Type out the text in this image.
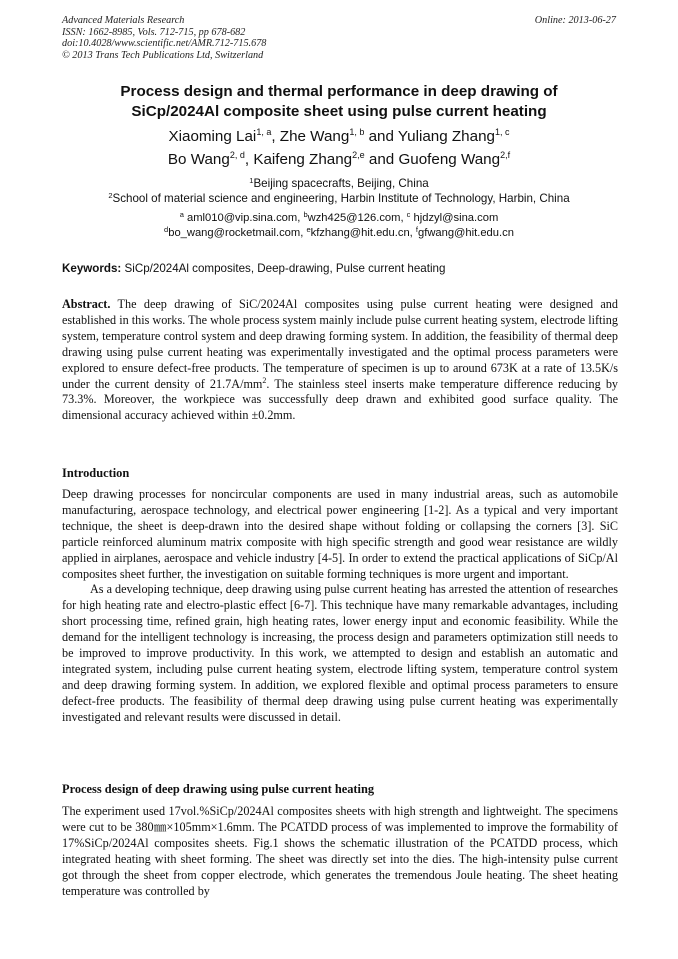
Advanced Materials Research
ISSN: 1662-8985, Vols. 712-715, pp 678-682
doi:10.4028/www.scientific.net/AMR.712-715.678
© 2013 Trans Tech Publications Ltd, Switzerland
Online: 2013-06-27
Process design and thermal performance in deep drawing of
SiCp/2024Al composite sheet using pulse current heating
Xiaoming Lai$^{1, a}$, Zhe Wang$^{1, b}$ and Yuliang Zhang$^{1, c}$
Bo Wang$^{2, d}$, Kaifeng Zhang$^{2,e}$ and Guofeng Wang$^{2,f}$
$^1$Beijing spacecrafts, Beijing, China
$^2$School of material science and engineering, Harbin Institute of Technology, Harbin, China
$^a$ aml010@vip.sina.com, $^b$wzh425@126.com, $^c$ hjdzyl@sina.com
$^d$bo_wang@rocketmail.com, $^e$kfzhang@hit.edu.cn, $^f$gfwang@hit.edu.cn
Keywords: SiCp/2024Al composites, Deep-drawing, Pulse current heating
Abstract. The deep drawing of SiC/2024Al composites using pulse current heating were designed and established in this works. The whole process system mainly include pulse current heating system, electrode lifting system, temperature control system and deep drawing forming system. In addition, the feasibility of thermal deep drawing using pulse current heating was experimentally investigated and the optimal process parameters were explored to ensure defect-free products. The temperature of specimen is up to around 673K at a rate of 13.5K/s under the current density of $21.7A/mm^2$. The stainless steel inserts make temperature difference reducing by 73.3%. Moreover, the workpiece was successfully deep drawn and exhibited good surface quality. The dimensional accuracy achieved within ±0.2mm.
Introduction

Deep drawing processes for noncircular components are used in many industrial areas, such as automobile manufacturing, aerospace technology, and electrical power engineering [1-2]. As a typical and very important technique, the sheet is deep-drawn into the desired shape without folding or collapsing the corners [3]. SiC particle reinforced aluminum matrix composite with high specific strength and good wear resistance are wildly applied in airplanes, aerospace and vehicle industry [4-5]. In order to extend the practical applications of SiCp/Al composites sheet further, the investigation on suitable forming techniques is more urgent and important.

As a developing technique, deep drawing using pulse current heating has arrested the attention of researches for high heating rate and electro-plastic effect [6-7]. This technique have many remarkable advantages, including short processing time, refined grain, high heating rates, lower energy input and economic feasibility. While the demand for the intelligent technology is increasing, the process design and parameters optimization still needs to be improved to improve productivity. In this work, we attempted to design and establish an automatic and integrated system, including pulse current heating system, electrode lifting system, temperature control system and deep drawing forming system. In addition, we explored flexible and optimal process parameters to ensure defect-free products. The feasibility of thermal deep drawing using pulse current heating was experimentally investigated and relevant results were discussed in detail.

Process design of deep drawing using pulse current heating

The experiment used 17vol.%SiCp/2024Al composites sheets with high strength and lightweight. The specimens were cut to be 380㎜×105mm×1.6mm. The PCATDD process of was implemented to improve the formability of 17%SiCp/2024Al composites sheets. Fig.1 shows the schematic illustration of the PCATDD process, which integrated heating with sheet forming. The sheet was directly set into the dies. The high-intensity pulse current got through the sheet from copper electrode, which generates the tremendous Joule heating. The sheet heating temperature was controlled by
